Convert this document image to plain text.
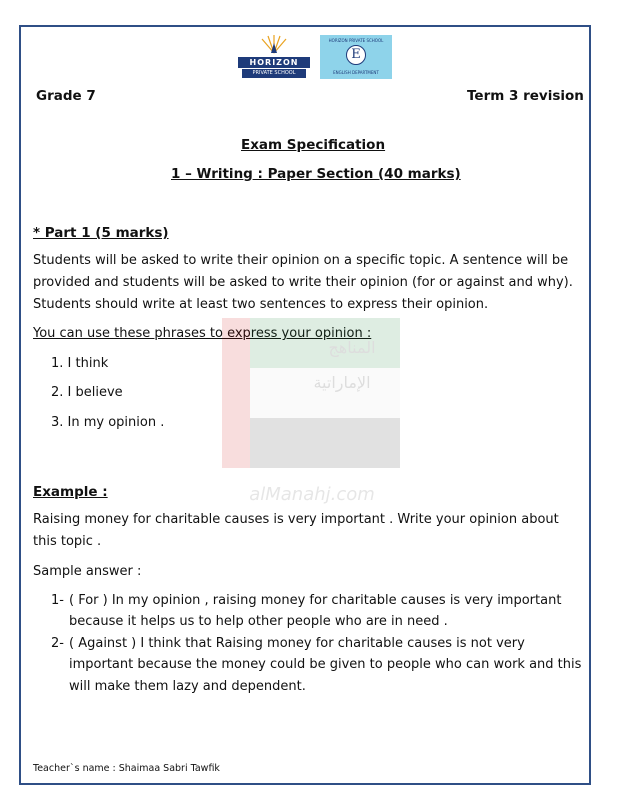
HORIZON
PRIVATE SCHOOL
HORIZON PRIVATE SCHOOL
E
ENGLISH DEPARTMENT
Grade 7	Term 3 revision
Exam Specification
1 – Writing : Paper Section (40 marks)
* Part 1 (5 marks)
Students will be asked to write their opinion on a specific topic. A sentence will be
provided and students will be asked to write their opinion (for or against and why).
Students should write at least two sentences to express their opinion.
You can use these phrases to express your opinion :
1. I think
2. I believe
3. In my opinion .
المناهج
الإماراتية
alManahj.com
Example :
Raising money for charitable causes is very important . Write your opinion about
this topic .
Sample answer :
1- ( For ) In my opinion , raising money for charitable causes is very important
because it helps us to help other people who are in need .
2- ( Against ) I think that Raising money for charitable causes is not very
important because the money could be given to people who can work and this
will make them lazy and dependent.
Teacher`s name : Shaimaa Sabri Tawfik
